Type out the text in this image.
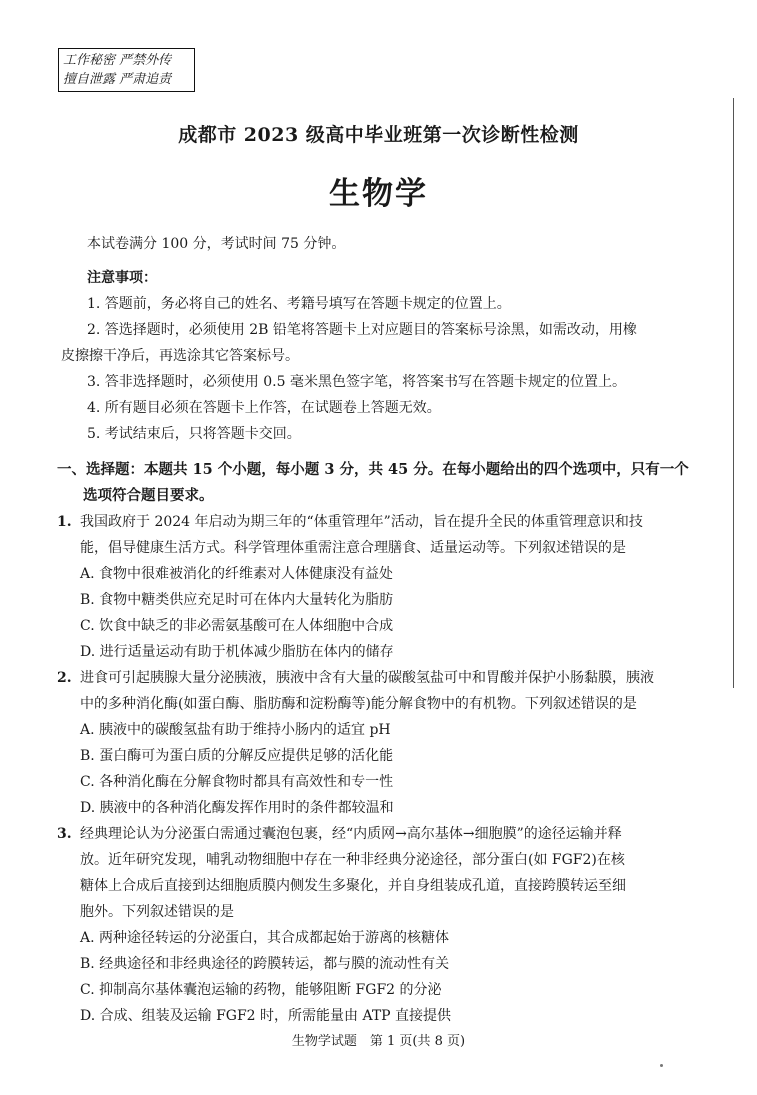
工作秘密 严禁外传
擅自泄露 严肃追责
成都市 2023 级高中毕业班第一次诊断性检测
生物学
本试卷满分 100 分，考试时间 75 分钟。
注意事项：
1. 答题前，务必将自己的姓名、考籍号填写在答题卡规定的位置上。
2. 答选择题时，必须使用 2B 铅笔将答题卡上对应题目的答案标号涂黑，如需改动，用橡
皮擦擦干净后，再选涂其它答案标号。
3. 答非选择题时，必须使用 0.5 毫米黑色签字笔，将答案书写在答题卡规定的位置上。
4. 所有题目必须在答题卡上作答，在试题卷上答题无效。
5. 考试结束后，只将答题卡交回。
一、选择题：本题共 15 个小题，每小题 3 分，共 45 分。在每小题给出的四个选项中，只有一个
选项符合题目要求。
1. 我国政府于 2024 年启动为期三年的“体重管理年”活动，旨在提升全民的体重管理意识和技
能，倡导健康生活方式。科学管理体重需注意合理膳食、适量运动等。下列叙述错误的是
A. 食物中很难被消化的纤维素对人体健康没有益处
B. 食物中糖类供应充足时可在体内大量转化为脂肪
C. 饮食中缺乏的非必需氨基酸可在人体细胞中合成
D. 进行适量运动有助于机体减少脂肪在体内的储存
2. 进食可引起胰腺大量分泌胰液，胰液中含有大量的碳酸氢盐可中和胃酸并保护小肠黏膜，胰液
中的多种消化酶(如蛋白酶、脂肪酶和淀粉酶等)能分解食物中的有机物。下列叙述错误的是
A. 胰液中的碳酸氢盐有助于维持小肠内的适宜 pH
B. 蛋白酶可为蛋白质的分解反应提供足够的活化能
C. 各种消化酶在分解食物时都具有高效性和专一性
D. 胰液中的各种消化酶发挥作用时的条件都较温和
3. 经典理论认为分泌蛋白需通过囊泡包裹，经“内质网→高尔基体→细胞膜”的途径运输并释
放。近年研究发现，哺乳动物细胞中存在一种非经典分泌途径，部分蛋白(如 FGF2)在核
糖体上合成后直接到达细胞质膜内侧发生多聚化，并自身组装成孔道，直接跨膜转运至细
胞外。下列叙述错误的是
A. 两种途径转运的分泌蛋白，其合成都起始于游离的核糖体
B. 经典途径和非经典途径的跨膜转运，都与膜的流动性有关
C. 抑制高尔基体囊泡运输的药物，能够阻断 FGF2 的分泌
D. 合成、组装及运输 FGF2 时，所需能量由 ATP 直接提供
生物学试题　第 1 页(共 8 页)
